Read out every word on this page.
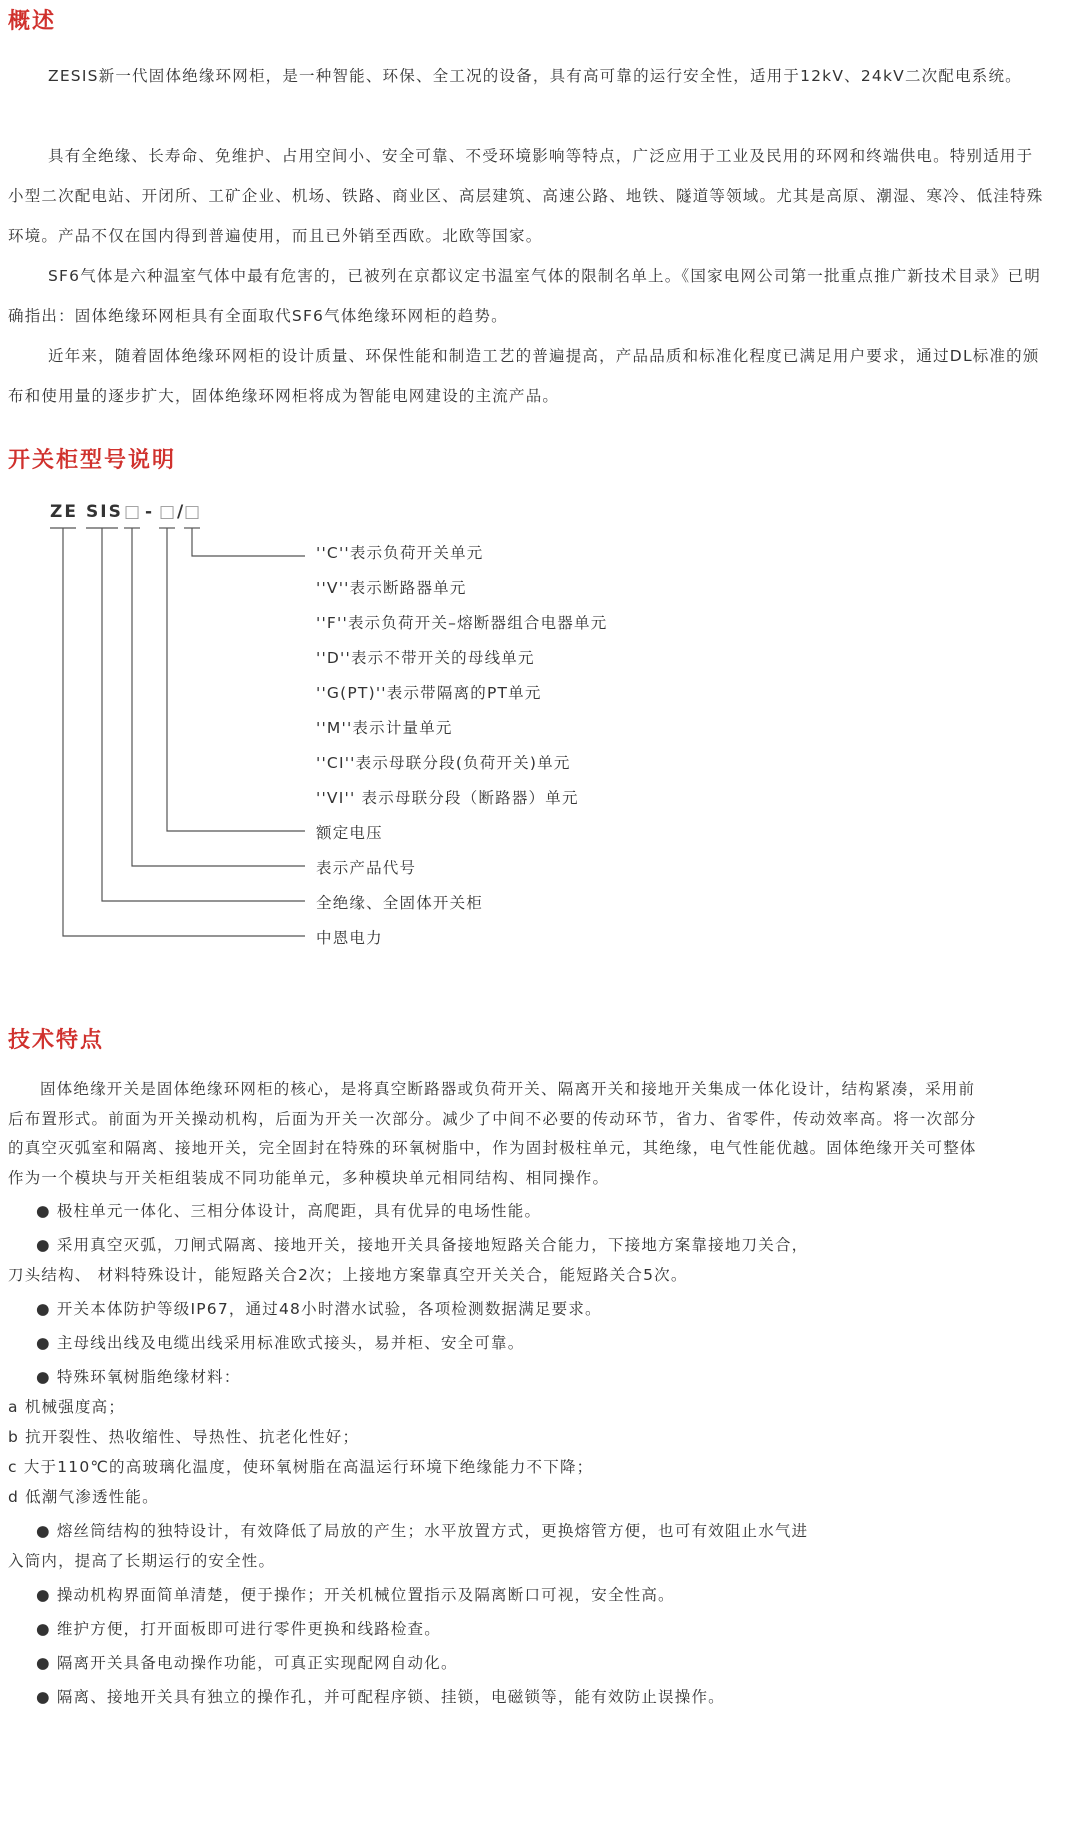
概述

ZESIS新一代固体绝缘环网柜，是一种智能、环保、全工况的设备，具有高可靠的运行安全性，适用于12kV、24kV二次配电系统。

具有全绝缘、长寿命、免维护、占用空间小、安全可靠、不受环境影响等特点，广泛应用于工业及民用的环网和终端供电。特别适用于小型二次配电站、开闭所、工矿企业、机场、铁路、商业区、高层建筑、高速公路、地铁、隧道等领域。尤其是高原、潮湿、寒冷、低洼特殊环境。产品不仅在国内得到普遍使用，而且已外销至西欧。北欧等国家。

SF6气体是六种温室气体中最有危害的，已被列在京都议定书温室气体的限制名单上。《国家电网公司第一批重点推广新技术目录》已明确指出：固体绝缘环网柜具有全面取代SF6气体绝缘环网柜的趋势。

近年来，随着固体绝缘环网柜的设计质量、环保性能和制造工艺的普遍提高，产品品质和标准化程度已满足用户要求，通过DL标准的颁布和使用量的逐步扩大，固体绝缘环网柜将成为智能电网建设的主流产品。

开关柜型号说明
ZE SIS □ - □ /
□
''C''表示负荷开关单元
''V''表示断路器单元
''F''表示负荷开关–熔断器组合电器单元
''D''表示不带开关的母线单元
''G(PT)''表示带隔离的PT单元
''M''表示计量单元
''CI''表示母联分段(负荷开关)单元
''VI'' 表示母联分段（断路器）单元
额定电压
表示产品代号
全绝缘、全固体开关柜
中恩电力
技术特点
固体绝缘开关是固体绝缘环网柜的核心，是将真空断路器或负荷开关、隔离开关和接地开关集成一体化设计，结构紧凑，采用前
后布置形式。前面为开关操动机构，后面为开关一次部分。减少了中间不必要的传动环节，省力、省零件，传动效率高。将一次部分
的真空灭弧室和隔离、接地开关，完全固封在特殊的环氧树脂中，作为固封极柱单元，其绝缘，电气性能优越。固体绝缘开关可整体
作为一个模块与开关柜组装成不同功能单元，多种模块单元相同结构、相同操作。
● 极柱单元一体化、三相分体设计，高爬距，具有优异的电场性能。
● 采用真空灭弧，刀闸式隔离、接地开关，接地开关具备接地短路关合能力，下接地方案靠接地刀关合，
刀头结构、 材料特殊设计，能短路关合2次；上接地方案靠真空开关关合，能短路关合5次。
● 开关本体防护等级IP67，通过48小时潜水试验，各项检测数据满足要求。
● 主母线出线及电缆出线采用标准欧式接头，易并柜、安全可靠。
● 特殊环氧树脂绝缘材料：
a 机械强度高；
b 抗开裂性、热收缩性、导热性、抗老化性好；
c 大于110℃的高玻璃化温度，使环氧树脂在高温运行环境下绝缘能力不下降；
d 低潮气渗透性能。
● 熔丝筒结构的独特设计，有效降低了局放的产生；水平放置方式，更换熔管方便，也可有效阻止水气进
入筒内，提高了长期运行的安全性。
● 操动机构界面简单清楚，便于操作；开关机械位置指示及隔离断口可视，安全性高。
● 维护方便，打开面板即可进行零件更换和线路检查。
● 隔离开关具备电动操作功能，可真正实现配网自动化。
● 隔离、接地开关具有独立的操作孔，并可配程序锁、挂锁，电磁锁等，能有效防止误操作。
